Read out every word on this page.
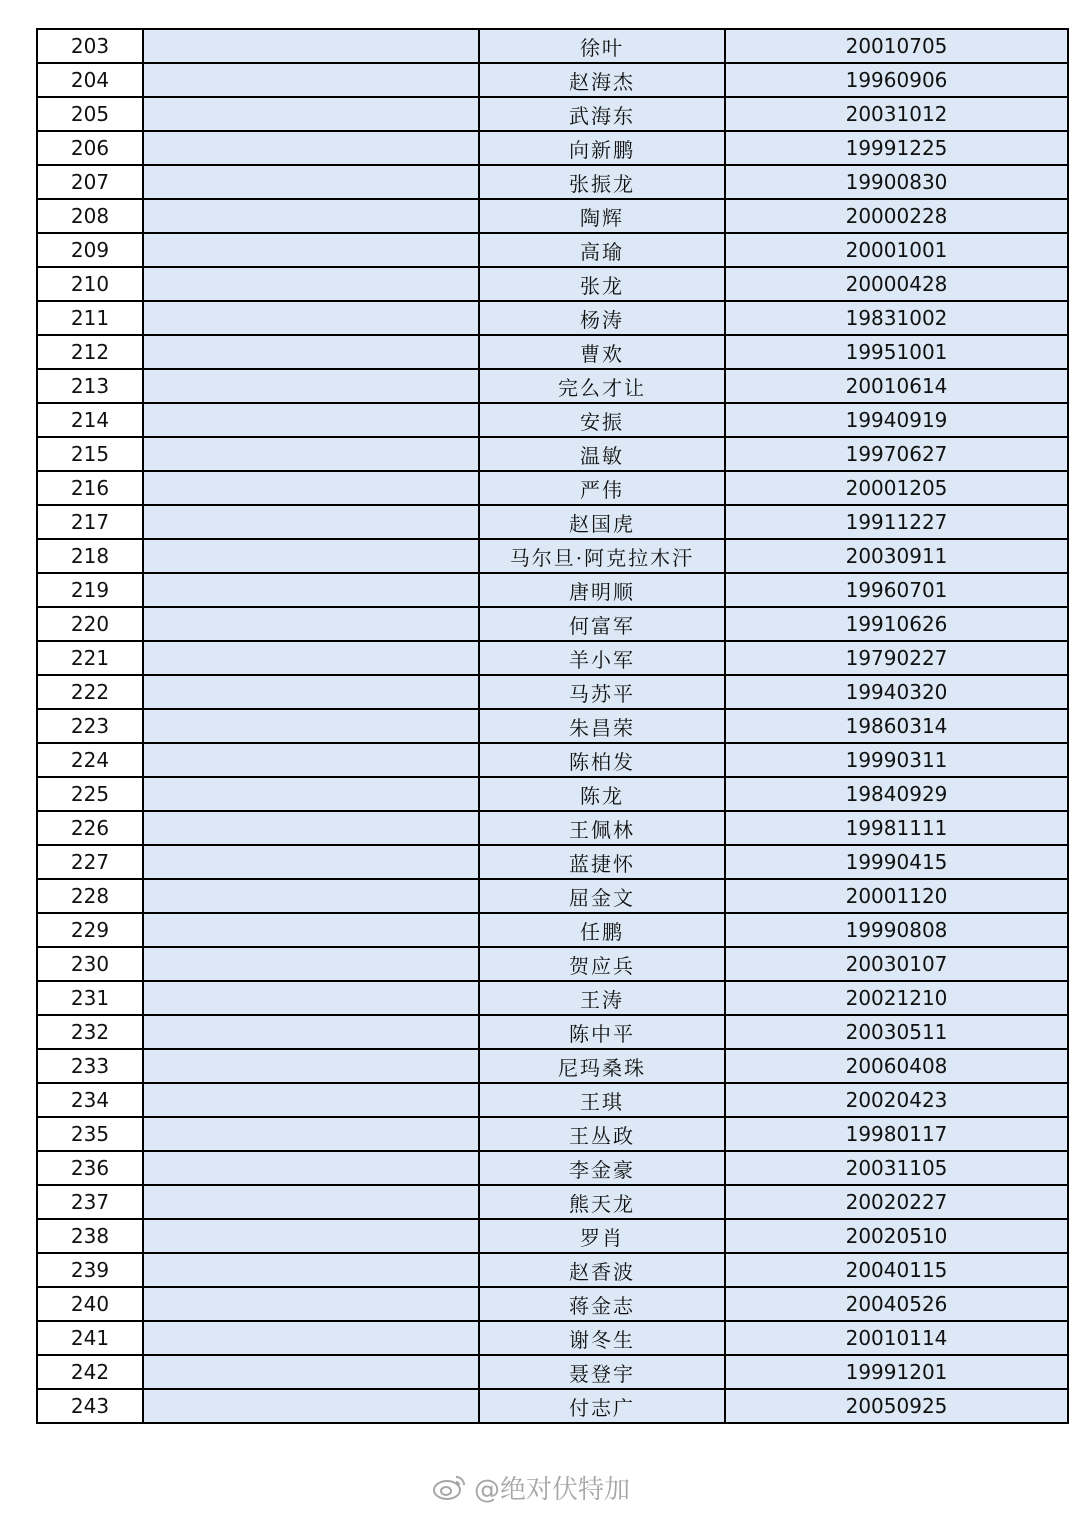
203		徐叶	20010705
204		赵海杰	19960906
205		武海东	20031012
206		向新鹏	19991225
207		张振龙	19900830
208		陶辉	20000228
209		高瑜	20001001
210		张龙	20000428
211		杨涛	19831002
212		曹欢	19951001
213		完么才让	20010614
214		安振	19940919
215		温敏	19970627
216		严伟	20001205
217		赵国虎	19911227
218		马尔旦·阿克拉木汗	20030911
219		唐明顺	19960701
220		何富军	19910626
221		羊小军	19790227
222		马苏平	19940320
223		朱昌荣	19860314
224		陈柏发	19990311
225		陈龙	19840929
226		王佩林	19981111
227		蓝捷怀	19990415
228		屈金文	20001120
229		任鹏	19990808
230		贺应兵	20030107
231		王涛	20021210
232		陈中平	20030511
233		尼玛桑珠	20060408
234		王琪	20020423
235		王丛政	19980117
236		李金豪	20031105
237		熊天龙	20020227
238		罗肖	20020510
239		赵香波	20040115
240		蒋金志	20040526
241		谢冬生	20010114
242		聂登宇	19991201
243		付志广	20050925
@绝对伏特加
